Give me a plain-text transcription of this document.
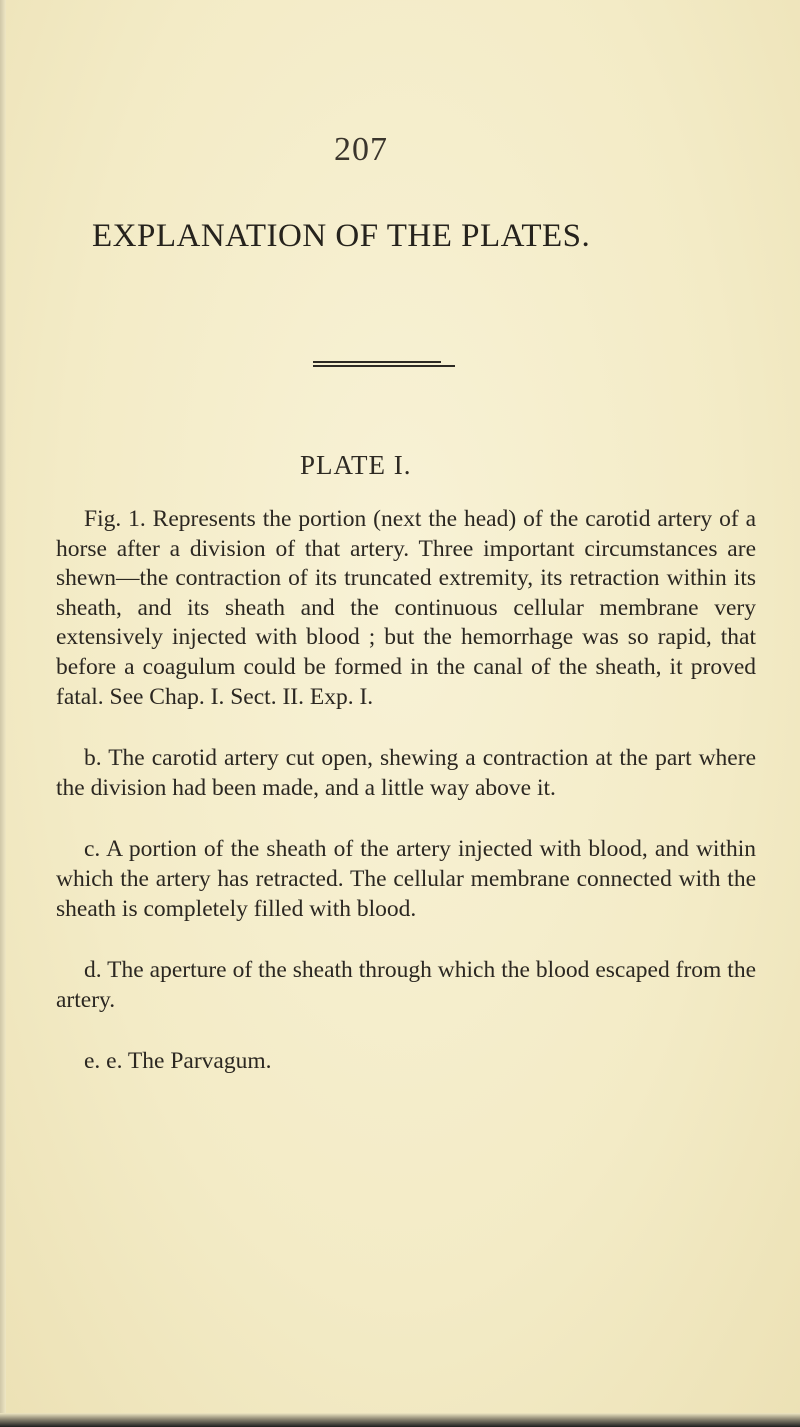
207
EXPLANATION OF THE PLATES.
PLATE I.

Fig. 1. Represents the portion (next the head) of the carotid artery of a horse after a division of that artery. Three important circumstances are shewn—the contraction of its truncated extremity, its retraction within its sheath, and its sheath and the continuous cellular membrane very extensively injected with blood ; but the hemorrhage was so rapid, that before a coagulum could be formed in the canal of the sheath, it proved fatal. See Chap. I. Sect. II. Exp. I.

b. The carotid artery cut open, shewing a contraction at the part where the division had been made, and a little way above it.

c. A portion of the sheath of the artery injected with blood, and within which the artery has retracted. The cellular membrane connected with the sheath is completely filled with blood.

d. The aperture of the sheath through which the blood escaped from the artery.

e. e. The Parvagum.
